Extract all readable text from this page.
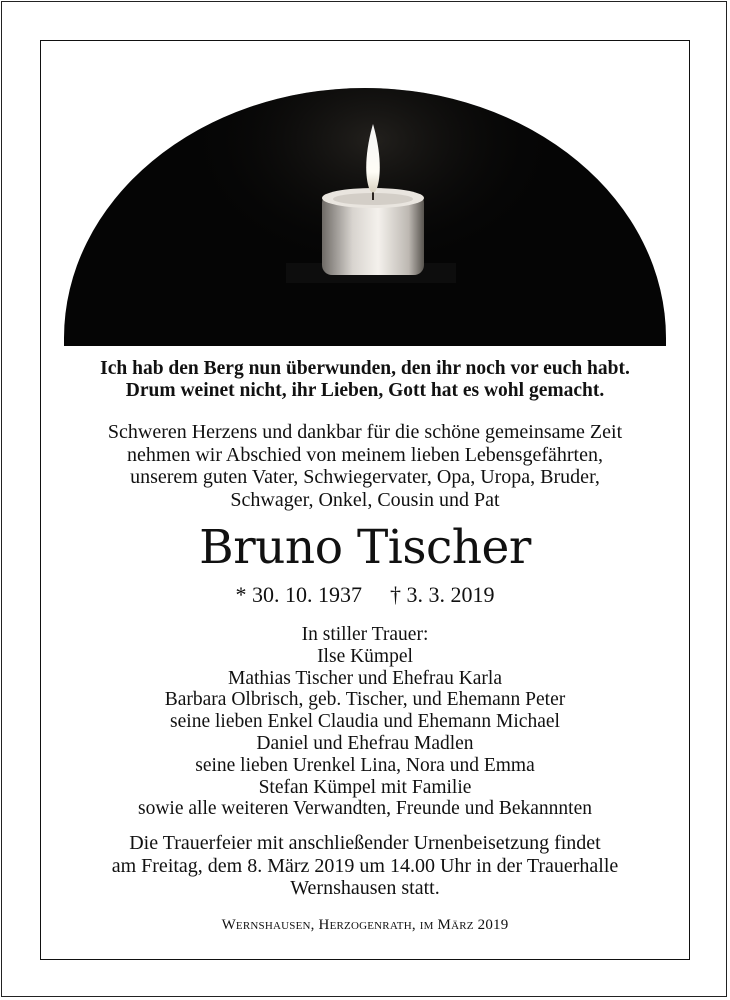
Ich hab den Berg nun überwunden, den ihr noch vor euch habt.
Drum weinet nicht, ihr Lieben, Gott hat es wohl gemacht.
Schweren Herzens und dankbar für die schöne gemeinsame Zeit
nehmen wir Abschied von meinem lieben Lebensgefährten,
unserem guten Vater, Schwiegervater, Opa, Uropa, Bruder,
Schwager, Onkel, Cousin und Pat
Bruno Tischer
* 30. 10. 1937 † 3. 3. 2019
In stiller Trauer:
Ilse Kümpel
Mathias Tischer und Ehefrau Karla
Barbara Olbrisch, geb. Tischer, und Ehemann Peter
seine lieben Enkel Claudia und Ehemann Michael
Daniel und Ehefrau Madlen
seine lieben Urenkel Lina, Nora und Emma
Stefan Kümpel mit Familie
sowie alle weiteren Verwandten, Freunde und Bekannnten
Die Trauerfeier mit anschließender Urnenbeisetzung findet
am Freitag, dem 8. März 2019 um 14.00 Uhr in der Trauerhalle
Wernshausen statt.
Wernshausen, Herzogenrath, im März 2019
